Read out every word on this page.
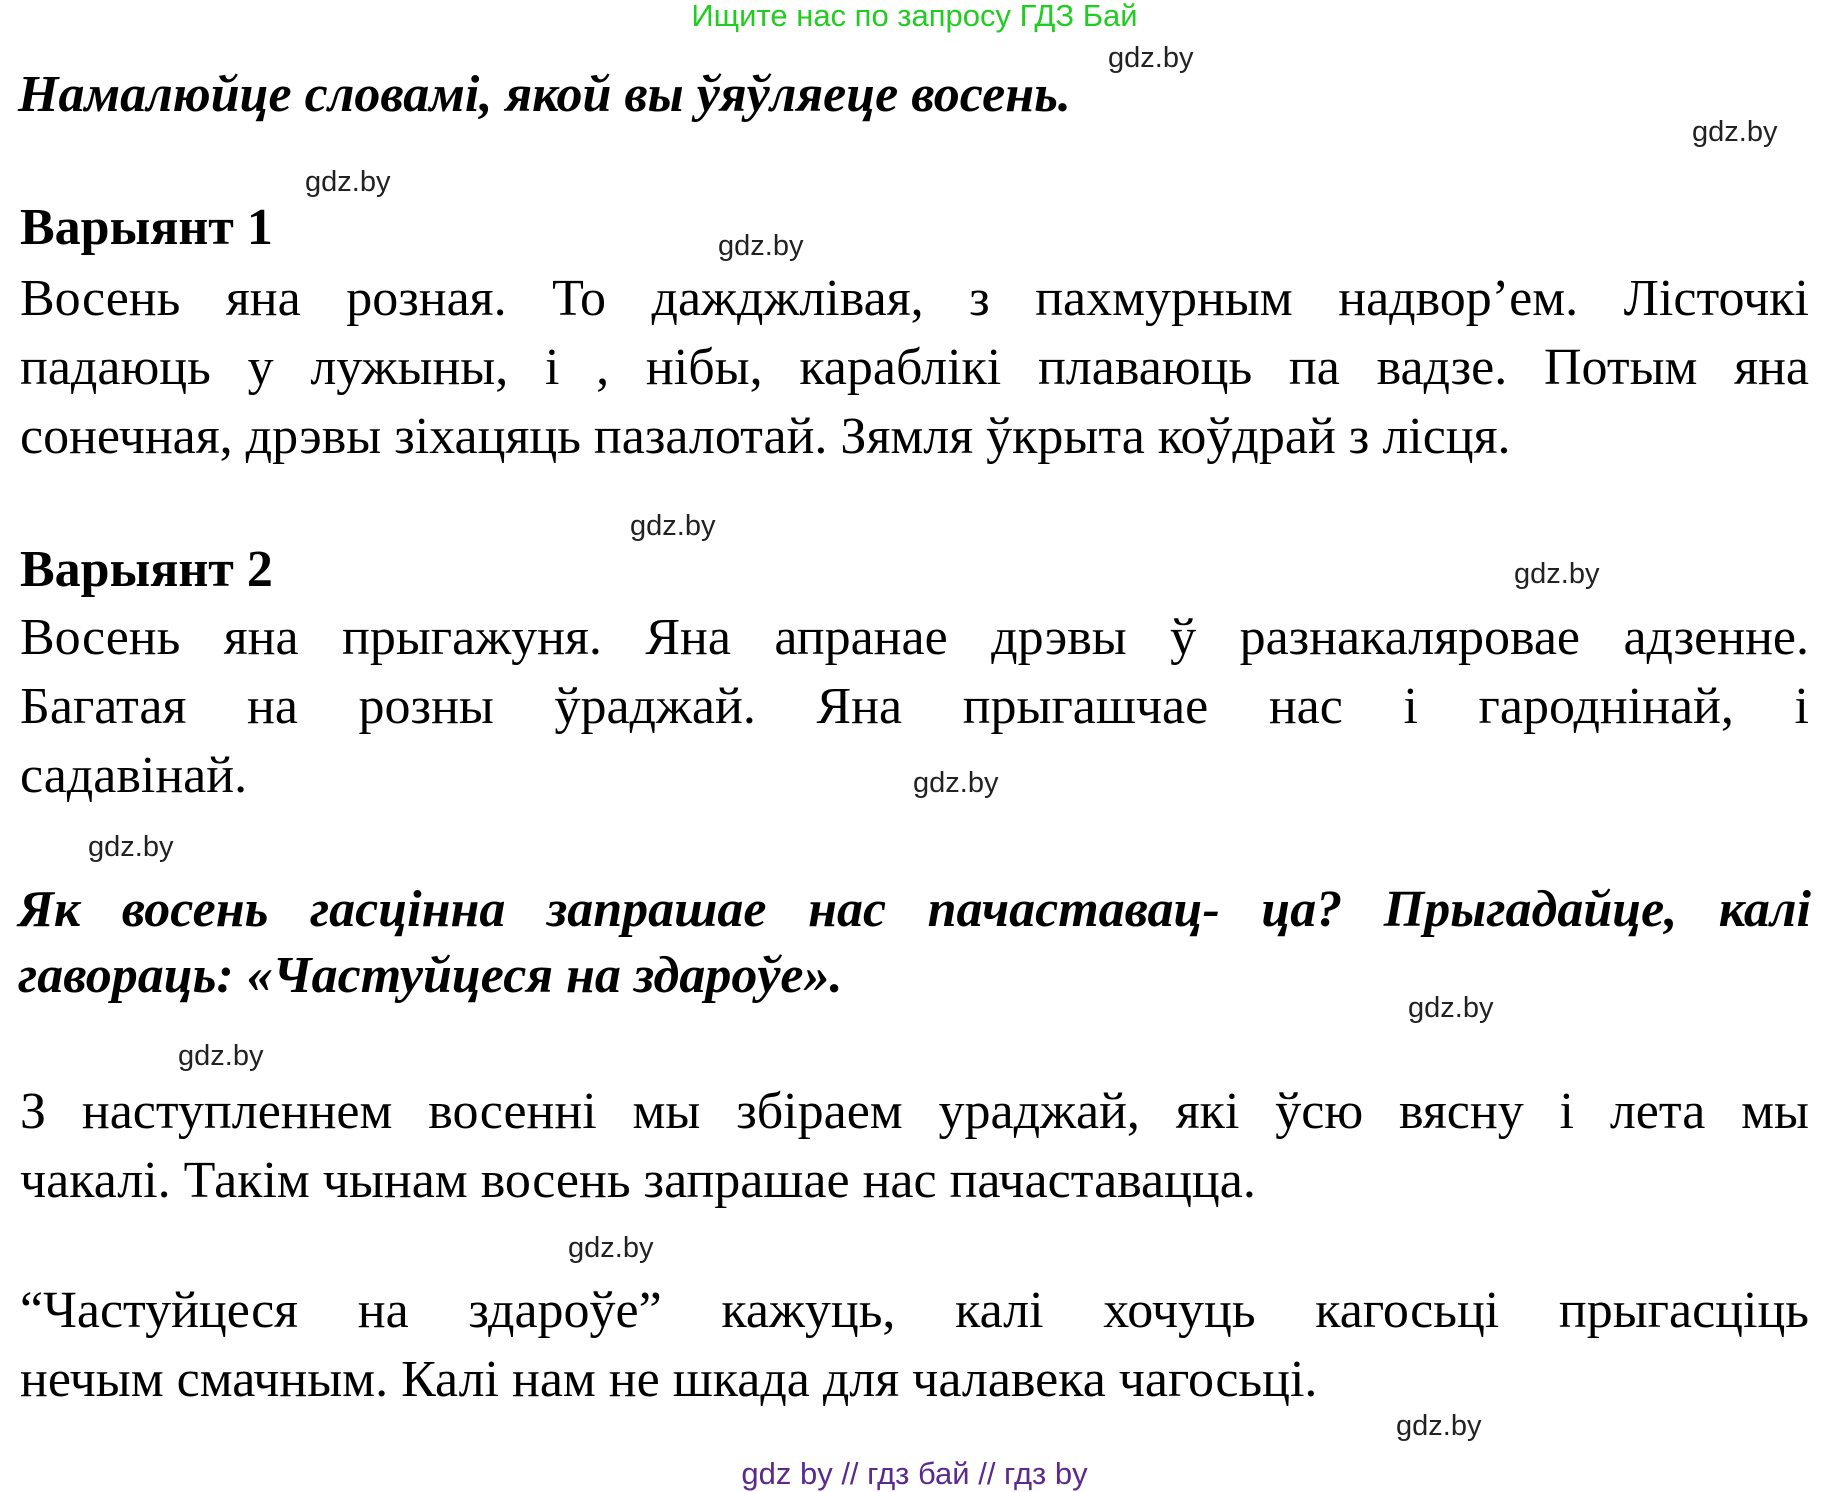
Ищите нас по запросу ГДЗ Бай
gdz.by
gdz.by
gdz.by
gdz.by
gdz.by
gdz.by
gdz.by
gdz.by
gdz.by
gdz.by
gdz.by
gdz.by
Намалюйце словамі, якой вы ўяўляеце восень.
Варыянт 1
Восень яна розная. То дажджлівая, з пахмурным надвор’ем. Лісточкі
падаюць у лужыны, і , нібы, караблікі плаваюць па вадзе. Потым яна
сонечная, дрэвы зіхацяць пазалотай. Зямля ўкрыта коўдрай з лісця.
Варыянт 2
Восень яна прыгажуня. Яна апранае дрэвы ў разнакаляровае адзенне.
Багатая на розны ўраджай. Яна прыгашчае нас і гароднінай, і
садавінай.
Як восень гасцінна запрашае нас пачаставац- ца? Прыгадайце, калі
гавораць: «Частуйцеся на здароўе».
З наступленнем восенні мы збіраем ураджай, які ўсю вясну і лета мы
чакалі. Такім чынам восень запрашае нас пачаставацца.
“Частуйцеся на здароўе” кажуць, калі хочуць кагосьці прыгасціць
нечым смачным. Калі нам не шкада для чалавека чагосьці.
gdz by // гдз бай // гдз by
